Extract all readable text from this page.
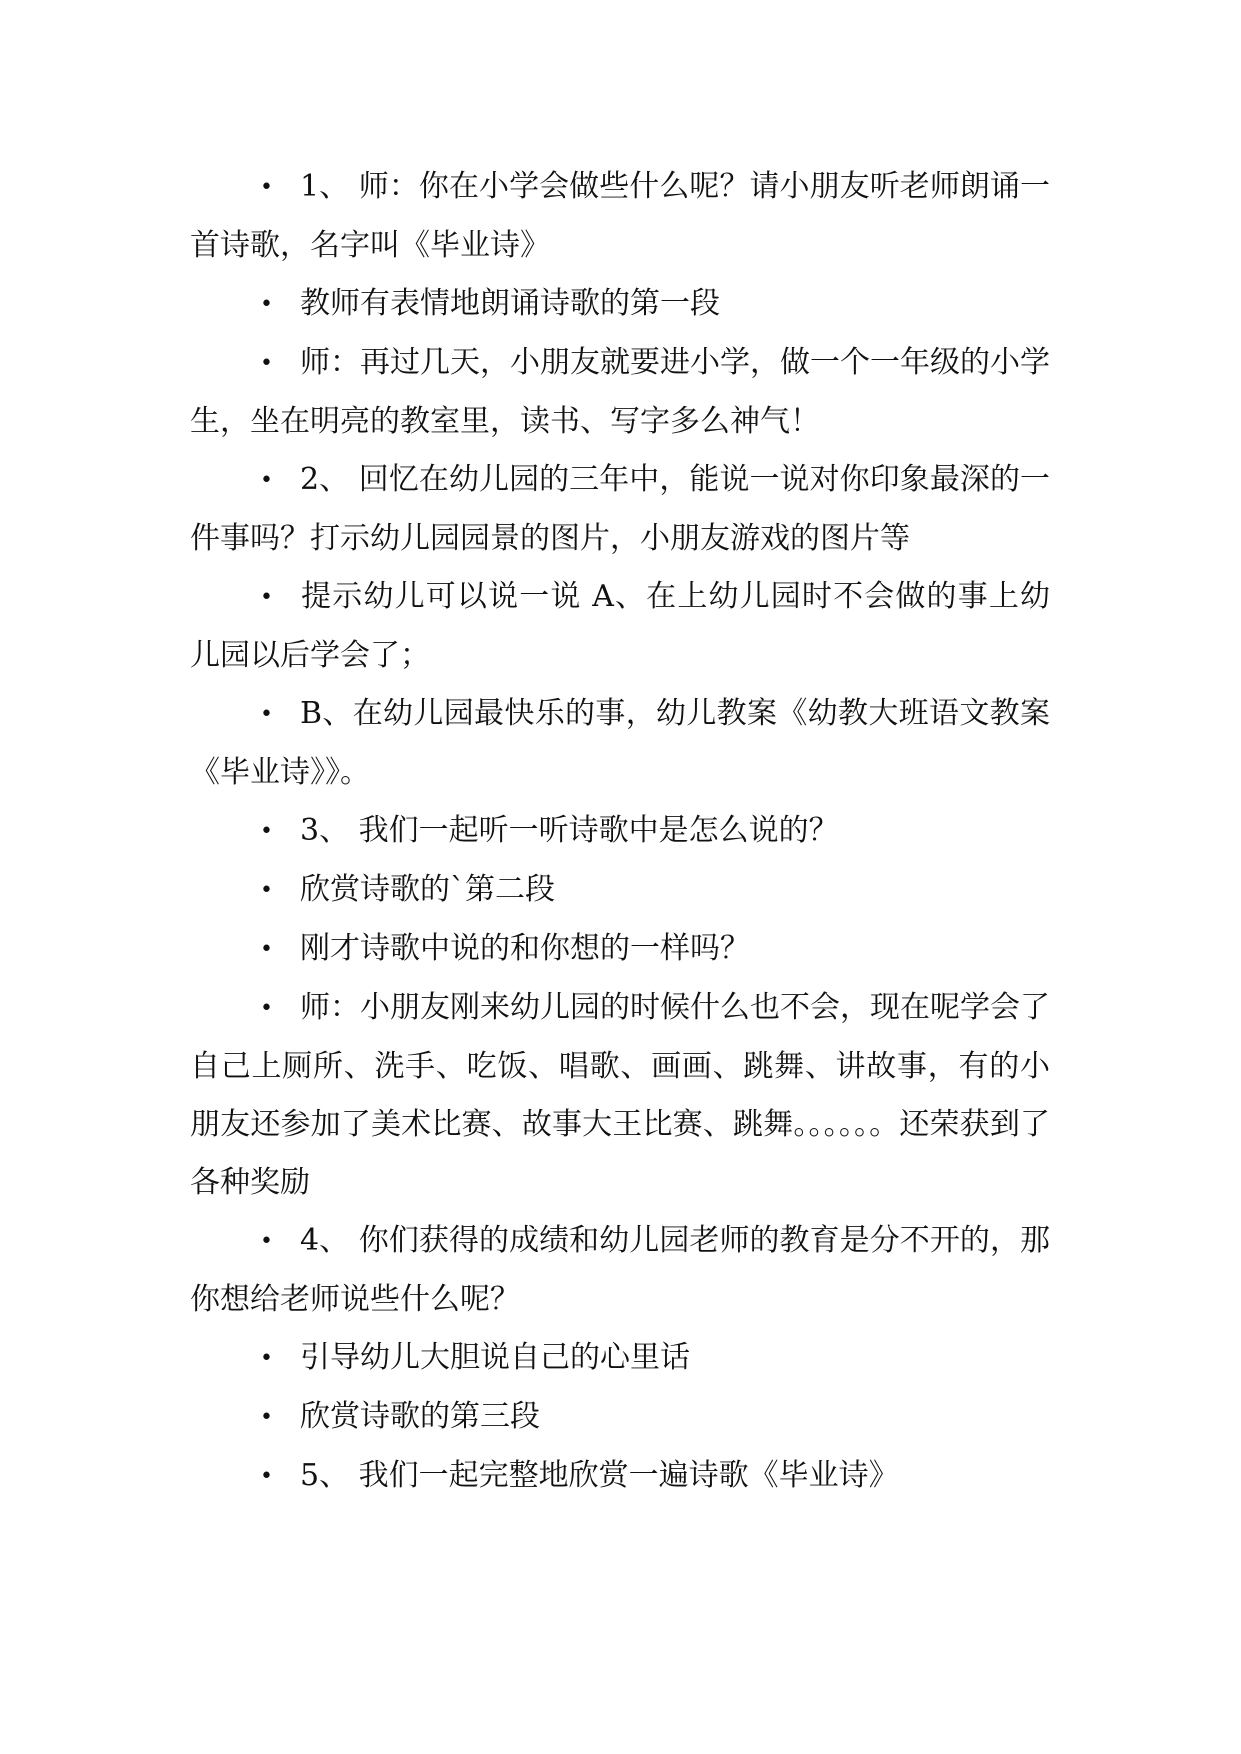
• 1、 师：你在小学会做些什么呢？请小朋友听老师朗诵一首诗歌，名字叫《毕业诗》

• 教师有表情地朗诵诗歌的第一段

• 师：再过几天，小朋友就要进小学，做一个一年级的小学生，坐在明亮的教室里，读书、写字多么神气！

• 2、 回忆在幼儿园的三年中，能说一说对你印象最深的一件事吗？打示幼儿园园景的图片，小朋友游戏的图片等

• 提示幼儿可以说一说 A、在上幼儿园时不会做的事上幼儿园以后学会了；

• B、在幼儿园最快乐的事，幼儿教案《幼教大班语文教案 《毕业诗》》。

• 3、 我们一起听一听诗歌中是怎么说的？

• 欣赏诗歌的`第二段

• 刚才诗歌中说的和你想的一样吗？

• 师：小朋友刚来幼儿园的时候什么也不会，现在呢学会了自己上厕所、洗手、吃饭、唱歌、画画、跳舞、讲故事，有的小朋友还参加了美术比赛、故事大王比赛、跳舞。。。。。。还荣获到了各种奖励

• 4、 你们获得的成绩和幼儿园老师的教育是分不开的，那你想给老师说些什么呢？

• 引导幼儿大胆说自己的心里话

• 欣赏诗歌的第三段

• 5、 我们一起完整地欣赏一遍诗歌《毕业诗》
